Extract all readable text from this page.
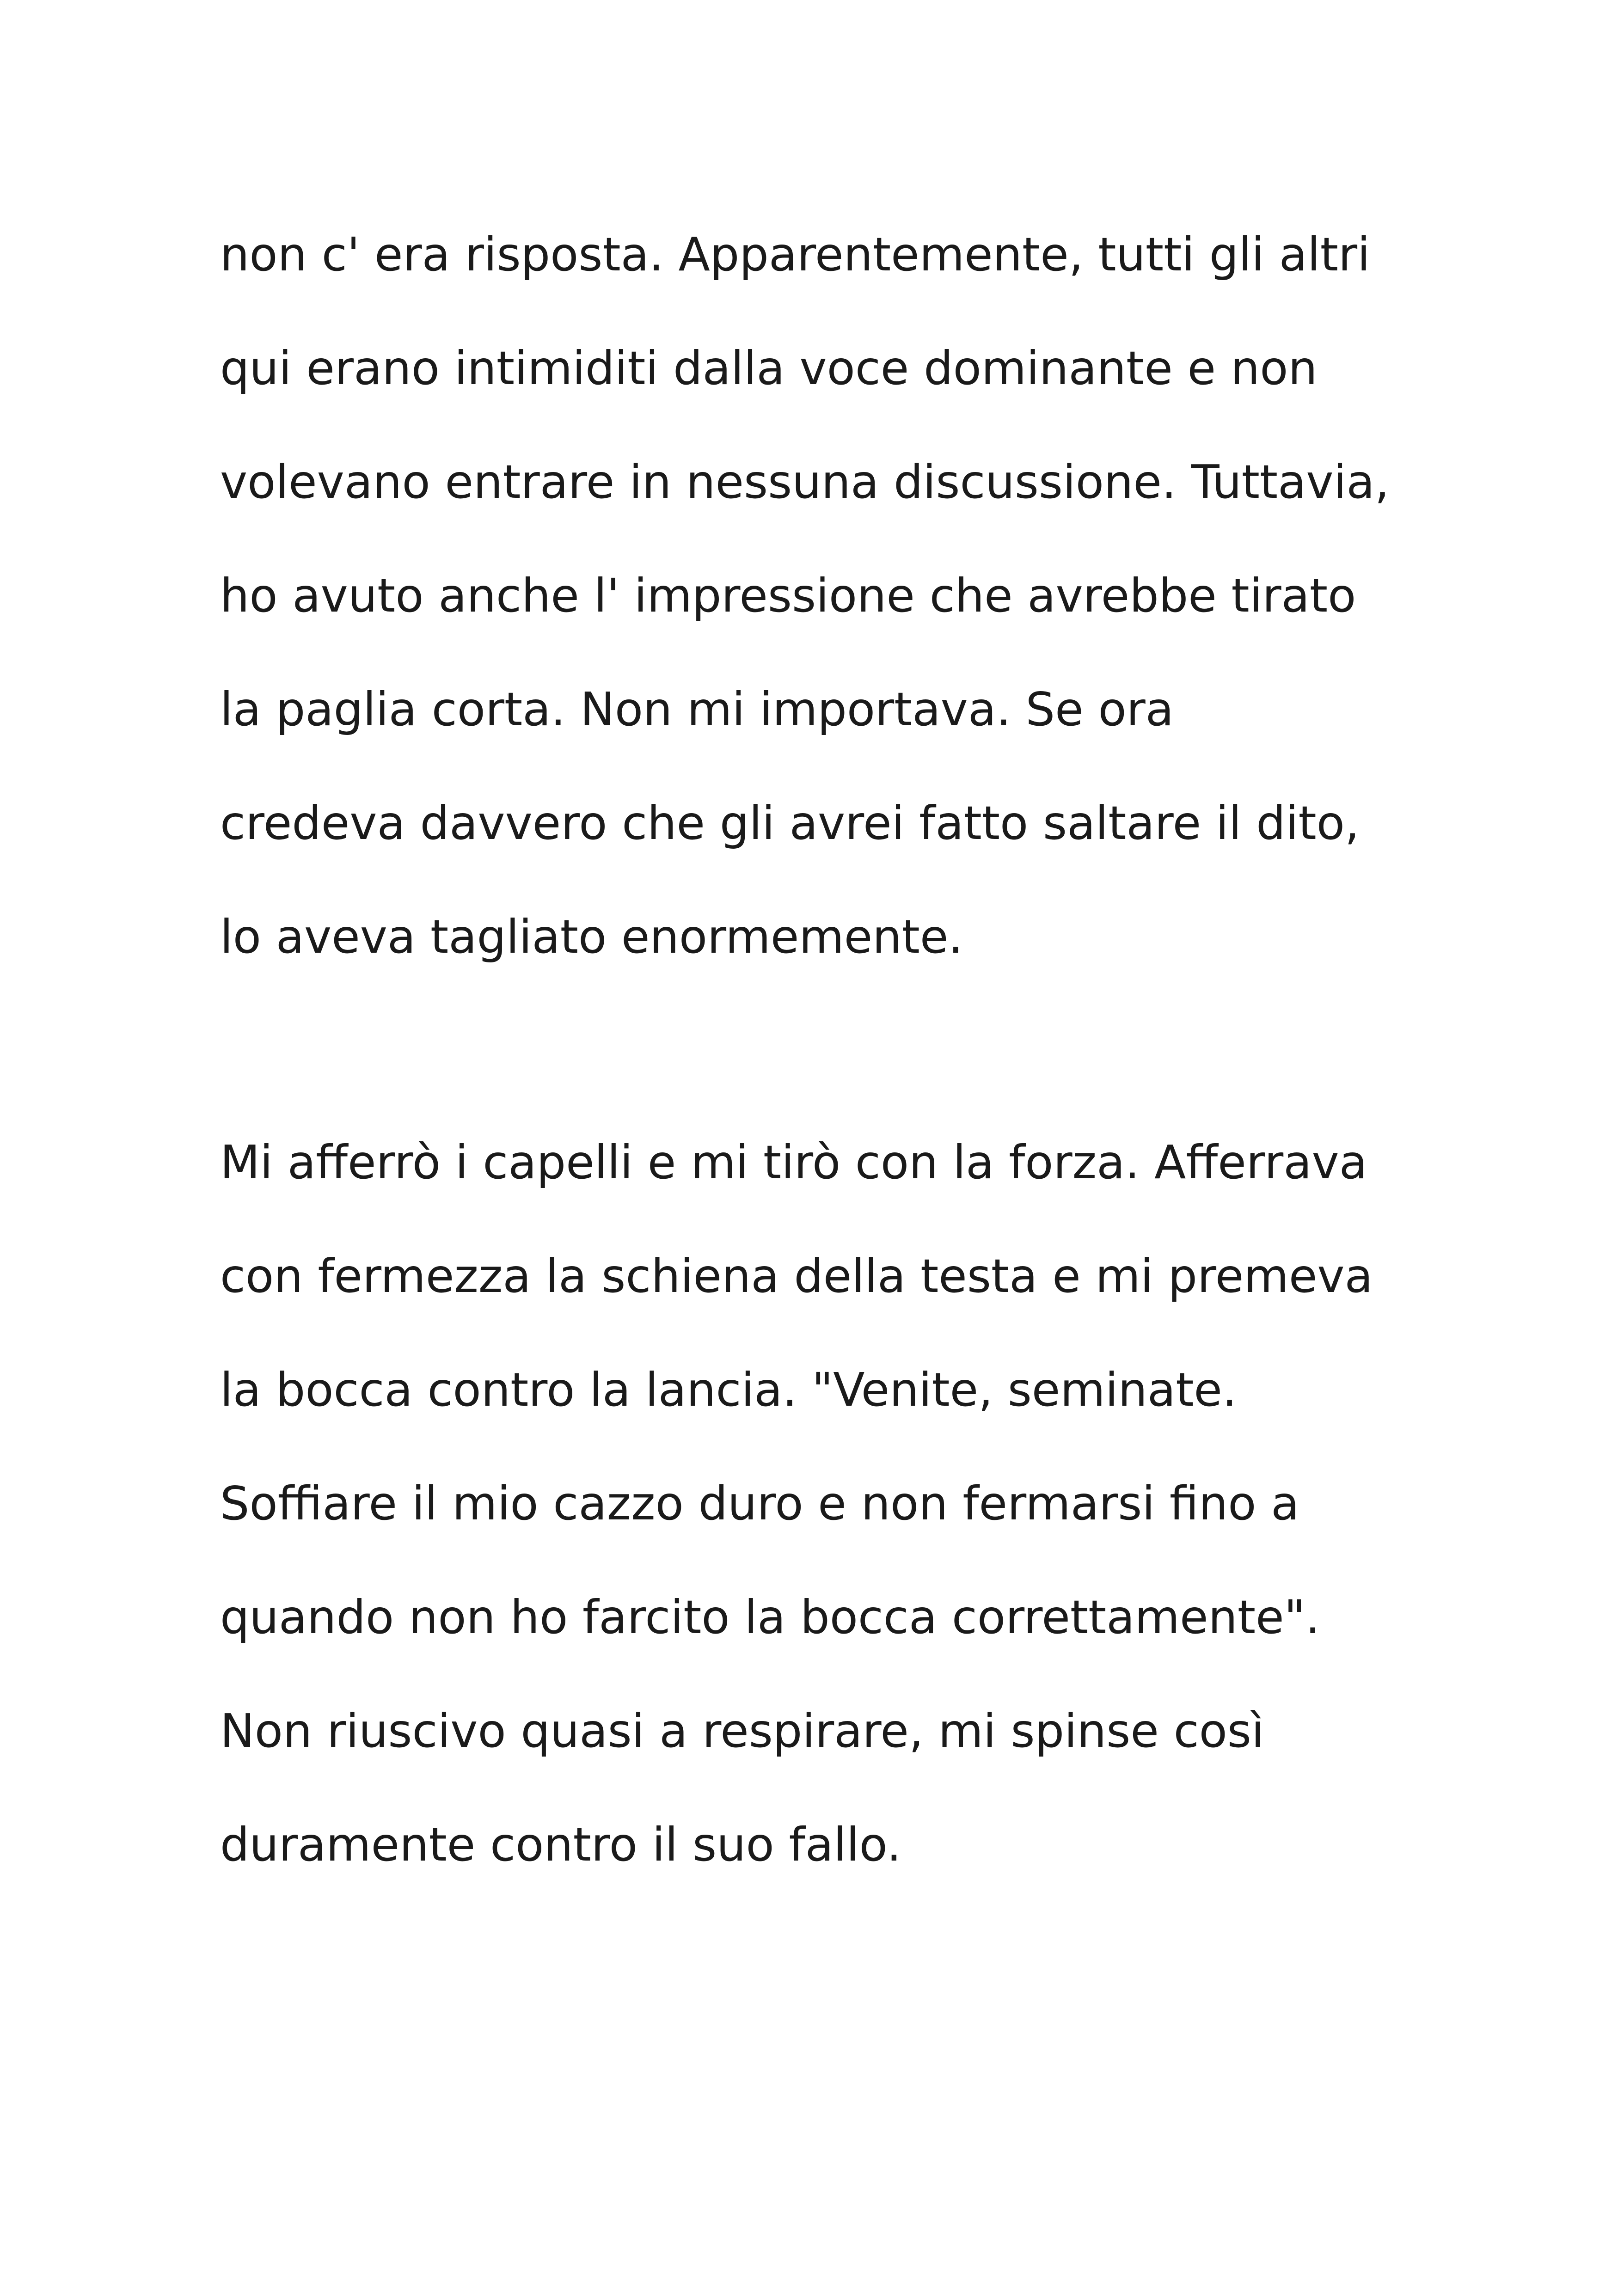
non c' era risposta. Apparentemente, tutti gli altri
qui erano intimiditi dalla voce dominante e non
volevano entrare in nessuna discussione. Tuttavia,
ho avuto anche l' impressione che avrebbe tirato
la paglia corta. Non mi importava. Se ora
credeva davvero che gli avrei fatto saltare il dito,
lo aveva tagliato enormemente.
Mi afferrò i capelli e mi tirò con la forza. Afferrava
con fermezza la schiena della testa e mi premeva
la bocca contro la lancia. "Venite, seminate.
Soffiare il mio cazzo duro e non fermarsi fino a
quando non ho farcito la bocca correttamente".
Non riuscivo quasi a respirare, mi spinse così
duramente contro il suo fallo.
